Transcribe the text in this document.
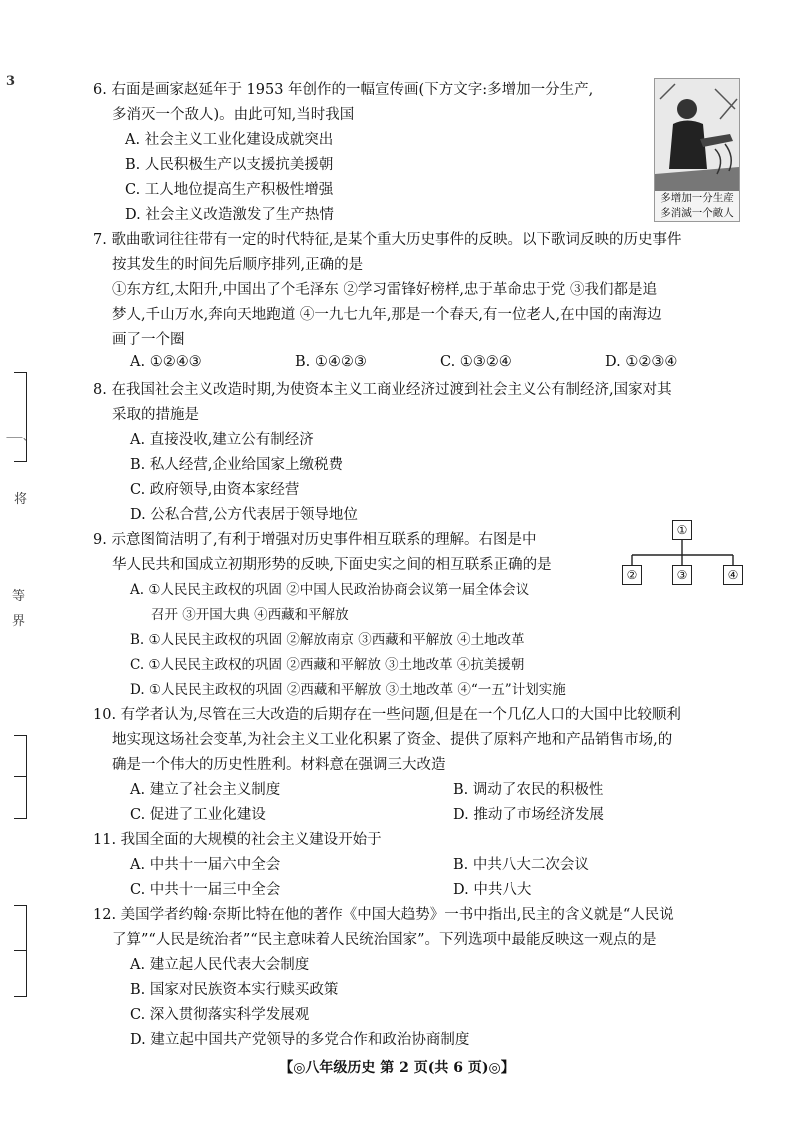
3
⸺、
将
等
界
6. 右面是画家赵延年于 1953 年创作的一幅宣传画(下方文字:多增加一分生产,
多消灭一个敌人)。由此可知,当时我国
A. 社会主义工业化建设成就突出
B. 人民积极生产以支援抗美援朝
C. 工人地位提高生产积极性增强
D. 社会主义改造激发了生产热情
多增加一分生産
多消滅一个敵人
7. 歌曲歌词往往带有一定的时代特征,是某个重大历史事件的反映。以下歌词反映的历史事件
按其发生的时间先后顺序排列,正确的是
①东方红,太阳升,中国出了个毛泽东 ②学习雷锋好榜样,忠于革命忠于党 ③我们都是追
梦人,千山万水,奔向天地跑道 ④一九七九年,那是一个春天,有一位老人,在中国的南海边
画了一个圈
A. ①②④③	B. ①④②③	C. ①③②④	D. ①②③④
8. 在我国社会主义改造时期,为使资本主义工商业经济过渡到社会主义公有制经济,国家对其
采取的措施是
A. 直接没收,建立公有制经济
B. 私人经营,企业给国家上缴税费
C. 政府领导,由资本家经营
D. 公私合营,公方代表居于领导地位
9. 示意图简洁明了,有利于增强对历史事件相互联系的理解。右图是中
华人民共和国成立初期形势的反映,下面史实之间的相互联系正确的是
A. ①人民民主政权的巩固 ②中国人民政治协商会议第一届全体会议
召开 ③开国大典 ④西藏和平解放
B. ①人民民主政权的巩固 ②解放南京 ③西藏和平解放 ④土地改革
C. ①人民民主政权的巩固 ②西藏和平解放 ③土地改革 ④抗美援朝
D. ①人民民主政权的巩固 ②西藏和平解放 ③土地改革 ④“一五”计划实施
①
②	③	④
10. 有学者认为,尽管在三大改造的后期存在一些问题,但是在一个几亿人口的大国中比较顺利
地实现这场社会变革,为社会主义工业化积累了资金、提供了原料产地和产品销售市场,的
确是一个伟大的历史性胜利。材料意在强调三大改造
A. 建立了社会主义制度	B. 调动了农民的积极性
C. 促进了工业化建设	D. 推动了市场经济发展
11. 我国全面的大规模的社会主义建设开始于
A. 中共十一届六中全会	B. 中共八大二次会议
C. 中共十一届三中全会	D. 中共八大
12. 美国学者约翰·奈斯比特在他的著作《中国大趋势》一书中指出,民主的含义就是“人民说
了算”“人民是统治者”“民主意味着人民统治国家”。下列选项中最能反映这一观点的是
A. 建立起人民代表大会制度
B. 国家对民族资本实行赎买政策
C. 深入贯彻落实科学发展观
D. 建立起中国共产党领导的多党合作和政治协商制度
【◎八年级历史 第 2 页(共 6 页)◎】
